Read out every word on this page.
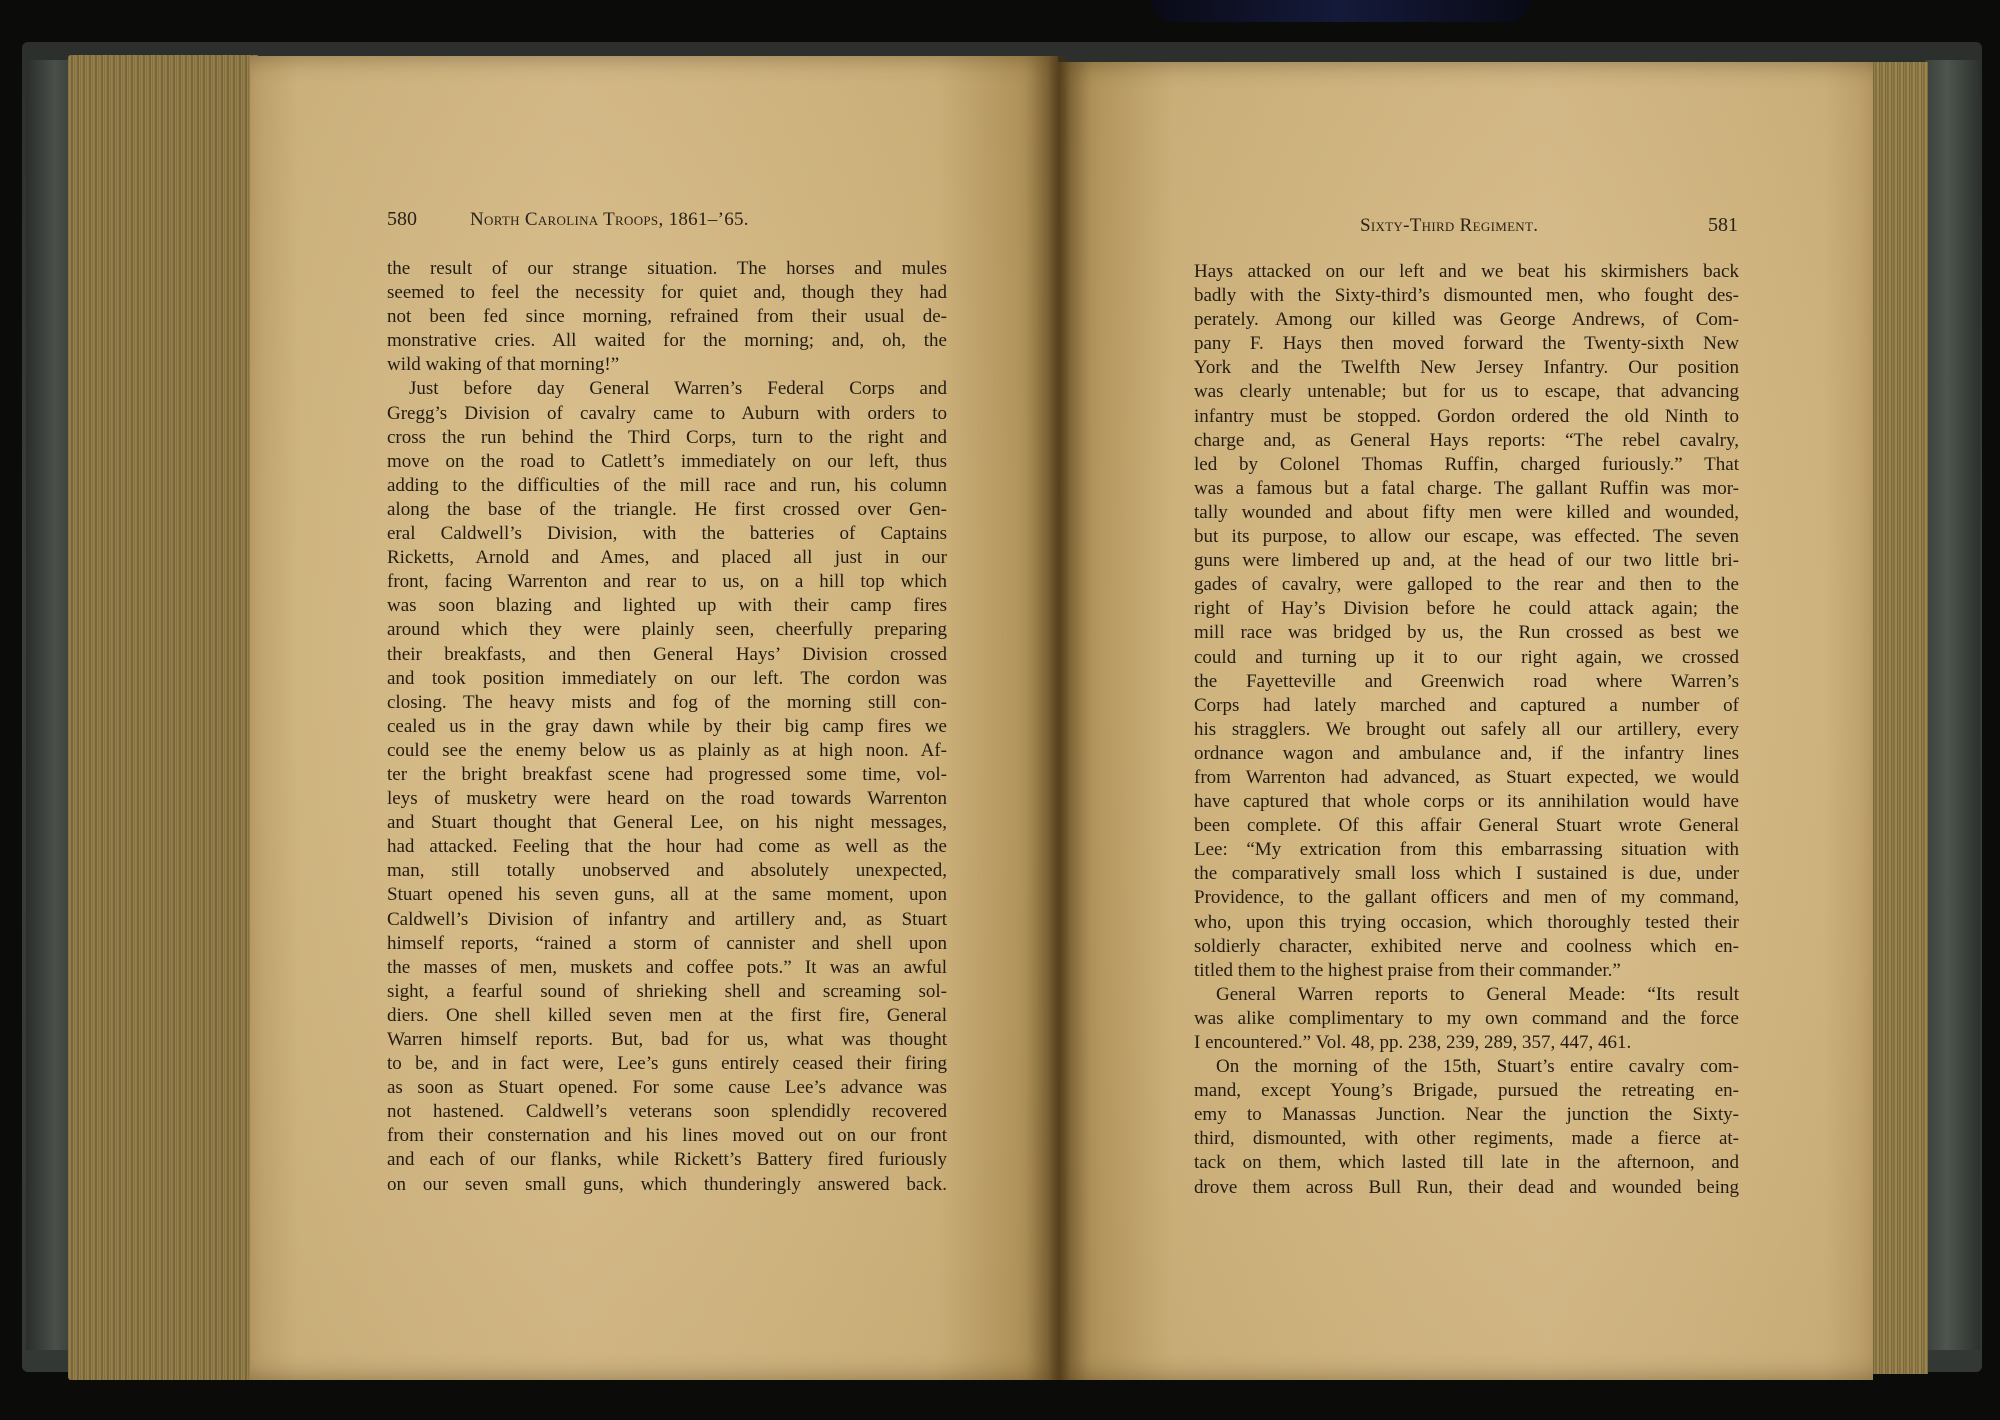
580	North Carolina Troops, 1861–’65.
the result of our strange situation. The horses and mules
seemed to feel the necessity for quiet and, though they had
not been fed since morning, refrained from their usual de-
monstrative cries. All waited for the morning; and, oh, the
wild waking of that morning!”
Just before day General Warren’s Federal Corps and
Gregg’s Division of cavalry came to Auburn with orders to
cross the run behind the Third Corps, turn to the right and
move on the road to Catlett’s immediately on our left, thus
adding to the difficulties of the mill race and run, his column
along the base of the triangle. He first crossed over Gen-
eral Caldwell’s Division, with the batteries of Captains
Ricketts, Arnold and Ames, and placed all just in our
front, facing Warrenton and rear to us, on a hill top which
was soon blazing and lighted up with their camp fires
around which they were plainly seen, cheerfully preparing
their breakfasts, and then General Hays’ Division crossed
and took position immediately on our left. The cordon was
closing. The heavy mists and fog of the morning still con-
cealed us in the gray dawn while by their big camp fires we
could see the enemy below us as plainly as at high noon. Af-
ter the bright breakfast scene had progressed some time, vol-
leys of musketry were heard on the road towards Warrenton
and Stuart thought that General Lee, on his night messages,
had attacked. Feeling that the hour had come as well as the
man, still totally unobserved and absolutely unexpected,
Stuart opened his seven guns, all at the same moment, upon
Caldwell’s Division of infantry and artillery and, as Stuart
himself reports, “rained a storm of cannister and shell upon
the masses of men, muskets and coffee pots.” It was an awful
sight, a fearful sound of shrieking shell and screaming sol-
diers. One shell killed seven men at the first fire, General
Warren himself reports. But, bad for us, what was thought
to be, and in fact were, Lee’s guns entirely ceased their firing
as soon as Stuart opened. For some cause Lee’s advance was
not hastened. Caldwell’s veterans soon splendidly recovered
from their consternation and his lines moved out on our front
and each of our flanks, while Rickett’s Battery fired furiously
on our seven small guns, which thunderingly answered back.
Sixty-Third Regiment.	581
Hays attacked on our left and we beat his skirmishers back
badly with the Sixty-third’s dismounted men, who fought des-
perately. Among our killed was George Andrews, of Com-
pany F. Hays then moved forward the Twenty-sixth New
York and the Twelfth New Jersey Infantry. Our position
was clearly untenable; but for us to escape, that advancing
infantry must be stopped. Gordon ordered the old Ninth to
charge and, as General Hays reports: “The rebel cavalry,
led by Colonel Thomas Ruffin, charged furiously.” That
was a famous but a fatal charge. The gallant Ruffin was mor-
tally wounded and about fifty men were killed and wounded,
but its purpose, to allow our escape, was effected. The seven
guns were limbered up and, at the head of our two little bri-
gades of cavalry, were galloped to the rear and then to the
right of Hay’s Division before he could attack again; the
mill race was bridged by us, the Run crossed as best we
could and turning up it to our right again, we crossed
the Fayetteville and Greenwich road where Warren’s
Corps had lately marched and captured a number of
his stragglers. We brought out safely all our artillery, every
ordnance wagon and ambulance and, if the infantry lines
from Warrenton had advanced, as Stuart expected, we would
have captured that whole corps or its annihilation would have
been complete. Of this affair General Stuart wrote General
Lee: “My extrication from this embarrassing situation with
the comparatively small loss which I sustained is due, under
Providence, to the gallant officers and men of my command,
who, upon this trying occasion, which thoroughly tested their
soldierly character, exhibited nerve and coolness which en-
titled them to the highest praise from their commander.”
General Warren reports to General Meade: “Its result
was alike complimentary to my own command and the force
I encountered.” Vol. 48, pp. 238, 239, 289, 357, 447, 461.
On the morning of the 15th, Stuart’s entire cavalry com-
mand, except Young’s Brigade, pursued the retreating en-
emy to Manassas Junction. Near the junction the Sixty-
third, dismounted, with other regiments, made a fierce at-
tack on them, which lasted till late in the afternoon, and
drove them across Bull Run, their dead and wounded being
